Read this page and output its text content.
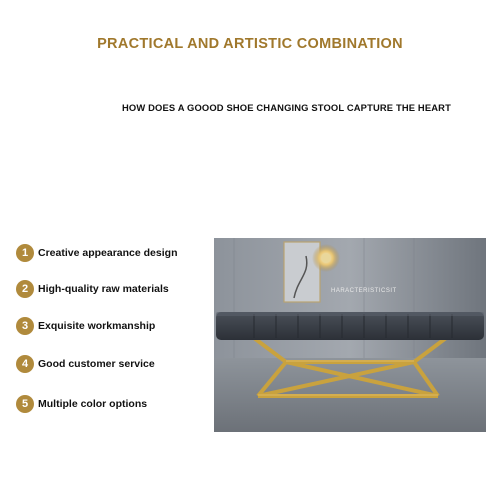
PRACTICAL AND ARTISTIC COMBINATION
HOW DOES A GOOOD SHOE CHANGING STOOL CAPTURE THE HEART
1 Creative appearance design
2 High-quality raw materials
3 Exquisite workmanship
4 Good customer service
5 Multiple color options
HARACTERISTICSIT
